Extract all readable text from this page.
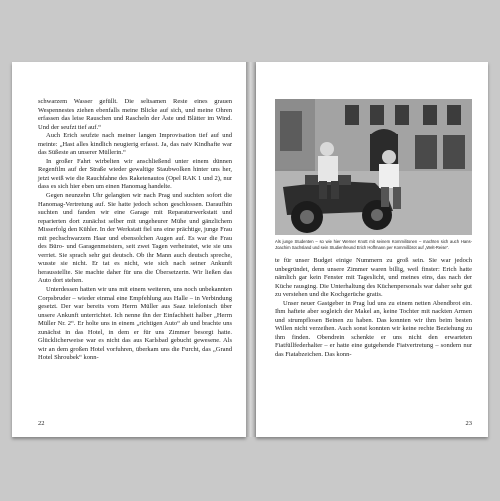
schwarzem Wasser gefüllt. Die seltsamen Reste eines grauen Wespennestes ziehen ebenfalls meine Blicke auf sich, und meine Ohren erfassen das leise Rauschen und Rascheln der Äste und Blätter im Wind. Und der seufzt tief auf.“

Auch Erich seufzte nach meiner langen Improvisation tief auf und meinte: „Hast alles kindlich neugierig erfasst. Ja, das naiv Kindhafte war das Süßeste an unserer Müllerin.“

In großer Fahrt wirbelten wir anschließend unter einem dünnen Regenfilm auf der Straße wieder gewaltige Staubwolken hinter uns her, jetzt weiß wie die Rauchfahne des Raketenautos (Opel RAK 1 und 2), nur dass es sich hier eben um einen Hanomag handelte.

Gegen neunzehn Uhr gelangten wir nach Prag und suchten sofort die Hanomag-Vertretung auf. Sie hatte jedoch schon geschlossen. Daraufhin suchten und fanden wir eine Garage mit Reparaturwerkstatt und reparierten dort zunächst selber mit ungeheurer Mühe und gänzlichem Misserfolg den Kühler. In der Werkstatt fiel uns eine prächtige, junge Frau mit pechschwarzem Haar und ebensolchen Augen auf. Es war die Frau des Büro- und Garagenmeisters, seit zwei Tagen verheiratet, wie sie uns verriet. Sie sprach sehr gut deutsch. Ob ihr Mann auch deutsch spreche, wusste sie nicht. Er tat es nicht, wie sich nach seiner Ankunft herausstellte. Sie machte daher für uns die Übersetzerin. Wir ließen das Auto dort stehen.

Unterdessen hatten wir uns mit einem weiteren, uns noch unbekannten Corpsbruder – wieder einmal eine Empfehlung aus Halle – in Verbindung gesetzt. Der war bereits vom Herrn Müller aus Saaz telefonisch über unsere Ankunft unterrichtet. Ich nenne ihn der Einfachheit halber „Herrn Müller Nr. 2“. Er holte uns in einem „richtigen Auto“ ab und brachte uns zunächst in das Hotel, in dem er für uns Zimmer besorgt hatte. Glücklicherweise war es nicht das aus Karlsbad gebucht gewesene. Als wir an dem großen Hotel vorfuhren, überkam uns die Furcht, das „Grand Hotel Shroubek“ konn-

22
Als junge Studenten – so wie hier Werner Knott mit seinem Kommilitonen – machten sich auch Hans-Joachim Sachsland und sein Studienfreund Erich Hoffmann per Kommißbrot auf „Welt-Reise“.

te für unser Budget einige Nummern zu groß sein. Sie war jedoch unbegründet, denn unsere Zimmer waren billig, weil finster: Erich hatte nämlich gar kein Fenster mit Tageslicht, und meines eins, das nach der Küche rausging. Die Unterhaltung des Küchenpersonals war daher sehr gut zu verstehen und die Kochgerüche gratis.

Unser neuer Gastgeber in Prag lud uns zu einem netten Abendbrot ein. Ihm haftete aber sogleich der Makel an, keine Tochter mit nackten Armen und strumpflosen Beinen zu haben. Das konnten wir ihm beim besten Willen nicht verzeihen. Auch sonst konnten wir keine rechte Beziehung zu ihm finden. Obendrein schenkte er uns nicht den erwarteten Fiatfüllfederhalter – er hatte eine gutgehende Fiatvertretung – sondern nur das Fiatabzeichen. Das konn-

23
